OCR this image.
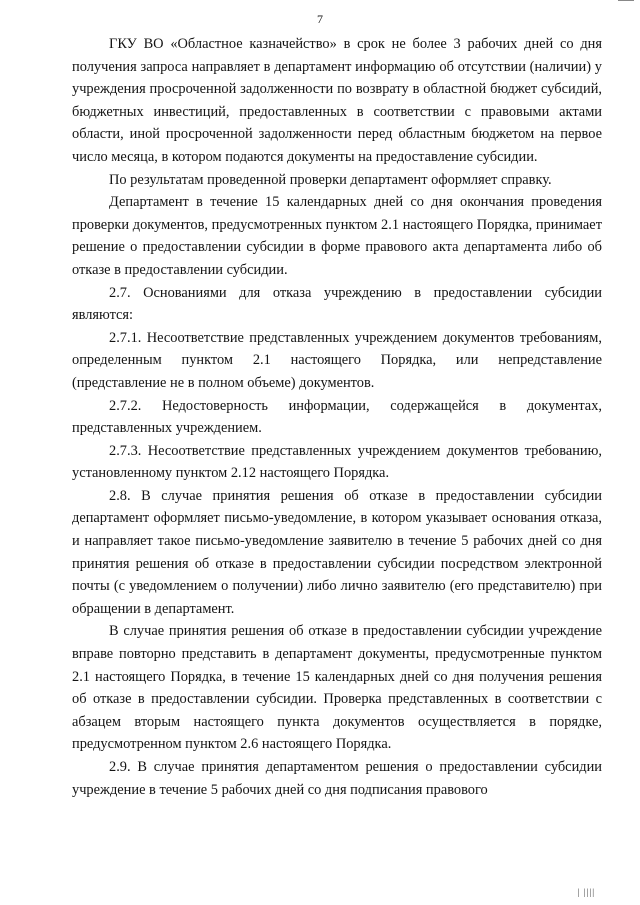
7

ГКУ ВО «Областное казначейство» в срок не более 3 рабочих дней со дня получения запроса направляет в департамент информацию об отсутствии (наличии) у учреждения просроченной задолженности по возврату в областной бюджет субсидий, бюджетных инвестиций, предоставленных в соответствии с правовыми актами области, иной просроченной задолженности перед областным бюджетом на первое число месяца, в котором подаются документы на предоставление субсидии.

По результатам проведенной проверки департамент оформляет справку.

Департамент в течение 15 календарных дней со дня окончания проведения проверки документов, предусмотренных пунктом 2.1 настоящего Порядка, принимает решение о предоставлении субсидии в форме правового акта департамента либо об отказе в предоставлении субсидии.

2.7. Основаниями для отказа учреждению в предоставлении субсидии являются:

2.7.1. Несоответствие представленных учреждением документов требованиям, определенным пунктом 2.1 настоящего Порядка, или непредставление (представление не в полном объеме) документов.

2.7.2. Недостоверность информации, содержащейся в документах, представленных учреждением.

2.7.3. Несоответствие представленных учреждением документов требованию, установленному пунктом 2.12 настоящего Порядка.

2.8. В случае принятия решения об отказе в предоставлении субсидии департамент оформляет письмо-уведомление, в котором указывает основания отказа, и направляет такое письмо-уведомление заявителю в течение 5 рабочих дней со дня принятия решения об отказе в предоставлении субсидии посредством электронной почты (с уведомлением о получении) либо лично заявителю (его представителю) при обращении в департамент.

В случае принятия решения об отказе в предоставлении субсидии учреждение вправе повторно представить в департамент документы, предусмотренные пунктом 2.1 настоящего Порядка, в течение 15 календарных дней со дня получения решения об отказе в предоставлении субсидии. Проверка представленных в соответствии с абзацем вторым настоящего пункта документов осуществляется в порядке, предусмотренном пунктом 2.6 настоящего Порядка.

2.9. В случае принятия департаментом решения о предоставлении субсидии учреждение в течение 5 рабочих дней со дня подписания правового

| ||||
